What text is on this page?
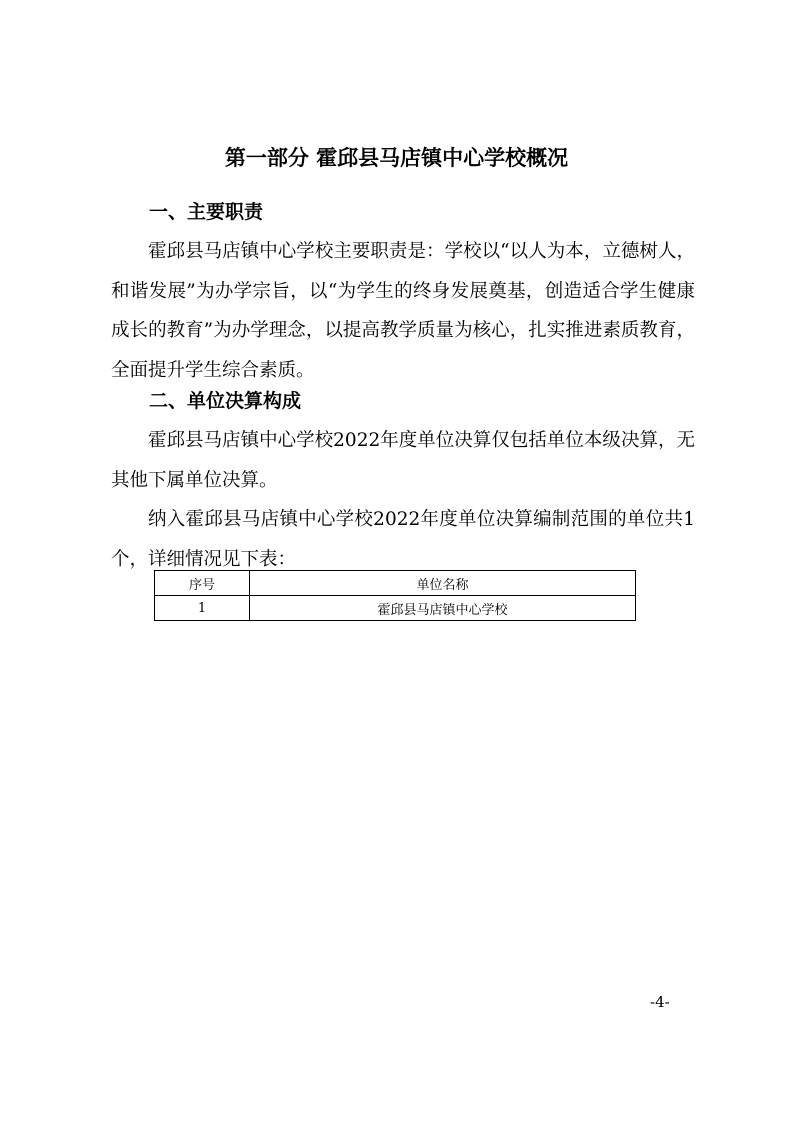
第一部分 霍邱县马店镇中心学校概况
一、主要职责

霍邱县马店镇中心学校主要职责是：学校以“以人为本，立德树人，和谐发展”为办学宗旨，以“为学生的终身发展奠基，创造适合学生健康成长的教育”为办学理念，以提高教学质量为核心，扎实推进素质教育，全面提升学生综合素质。

二、单位决算构成

霍邱县马店镇中心学校2022年度单位决算仅包括单位本级决算，无其他下属单位决算。

纳入霍邱县马店镇中心学校2022年度单位决算编制范围的单位共1个，详细情况见下表：

序号	单位名称
1	霍邱县马店镇中心学校
-4-
